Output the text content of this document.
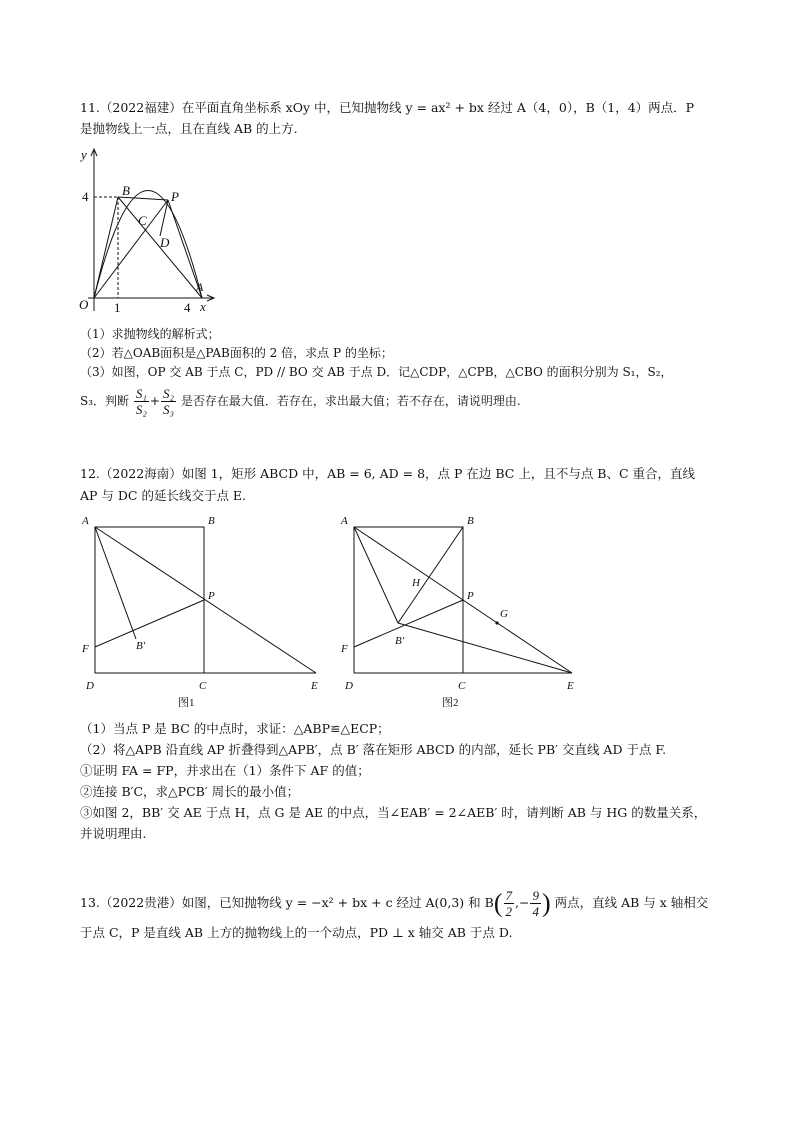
11.（2022福建）在平面直角坐标系 xOy 中，已知抛物线 y = ax² + bx 经过 A（4，0），B（1，4）两点．P
是抛物线上一点，且在直线 AB 的上方.
y
4
O 1	4
A
x
B	P
C
D
（1）求抛物线的解析式；
（2）若△OAB面积是△PAB面积的 2 倍，求点 P 的坐标；
（3）如图，OP 交 AB 于点 C，PD // BO 交 AB 于点 D．记△CDP，△CPB，△CBO 的面积分别为 S₁，S₂，
S₃．判断 $\frac{\text{S₁}}{\text{S₂}} + \frac{\text{S₂}}{\text{S₃}}$ 是否存在最大值．若存在，求出最大值；若不存在，请说明理由.
12.（2022海南）如图 1，矩形 ABCD 中，AB = 6, AD = 8，点 P 在边 BC 上，且不与点 B、C 重合，直线
AP 与 DC 的延长线交于点 E.
A	B
P
F	B'
D	C	E
图1
A	B
H
P
G
F
B'
D	C	E
图2
（1）当点 P 是 BC 的中点时，求证：△ABP≌△ECP；
（2）将△APB 沿直线 AP 折叠得到△APB′，点 B′ 落在矩形 ABCD 的内部，延长 PB′ 交直线 AD 于点 F.
①证明 FA = FP，并求出在（1）条件下 AF 的值；
②连接 B′C，求△PCB′ 周长的最小值；
③如图 2，BB′ 交 AE 于点 H，点 G 是 AE 的中点，当∠EAB′ = 2∠AEB′ 时，请判断 AB 与 HG 的数量关系，
并说明理由.
13.（2022贵港）如图，已知抛物线 y = −x² + bx + c 经过 A(0,3) 和 $B( \frac{7}{2}$ ,− $\frac{9}{4}$ ) 两点，直线 AB 与 x 轴相交
于点 C，P 是直线 AB 上方的抛物线上的一个动点，PD ⊥ x 轴交 AB 于点 D.
